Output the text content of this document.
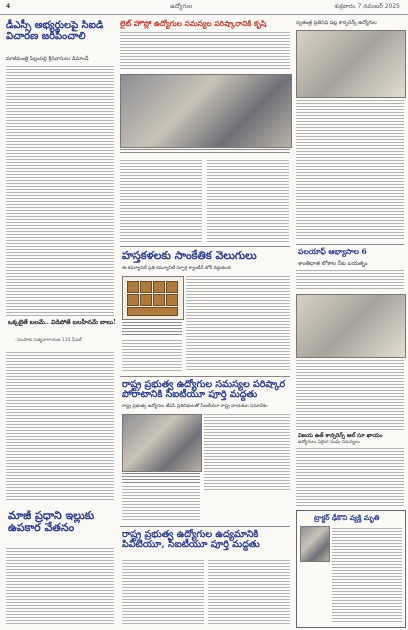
4	ఉద్యోగుల	శుక్రవారం 7 నవంబర్ 2025
డీఎస్సీ అభ్యర్థులపై సిఐడి విచారణ జరిపించాలి
మాజీమంత్రి పిల్లంపల్లి శ్రీనివాసులు డిమాండ్
ఒక్కటైతే బలమే.. విడిపోతే బలహీనమే బాబు!
- సలపాకు సత్యనారాయణ 115 సీఎల్
మాజీ ప్రధాని ఇల్లుకు ఉపకార వేతనం
లైట్ హౌస్లో ఉద్యోగుల సమస్యల పరిష్కారానికి కృషి	స్వతంత్ర ప్రతినిధి పట్ల కాన్ఫరెన్స్ ఉద్యోగుల
హస్తకళలకు సాంకేతిక వెలుగులు
ఈ కమ్యూనిటీ ప్రతి కమ్యూనిటీ స్ఫూర్తి క్యాంటీన్ బోర్ దిద్దుకుంది
పలయాఫ్ ఆభ్యాసాల 6
శాంతిధాత లోకాల నీట బయత్నం
విజయ ఉత్ కాన్సరెన్స్ ఆల్ సూ ఖాయం
ఉద్యోగులు ఏదైనా సంఘ సమస్యలు
ట్రాక్టర్ ఢీకొని వ్యక్తి మృతి
రాష్ట్ర ప్రభుత్వ ఉద్యోగుల సమస్యల పరిష్కార పోరాటానికి సిఐటీయూ పూర్తి మద్దతు
రాష్ట్ర ప్రభుత్వ ఉద్యోగుల జేఏసీ ప్రతినిధులతో సీఐటీయూ రాష్ట్ర నాయకుల సమావేశం
రాష్ట్ర ప్రభుత్వ ఉద్యోగుల ఉద్యమానికి పివిటియూ, సిఐటీయూ పూర్తి మద్దతు
